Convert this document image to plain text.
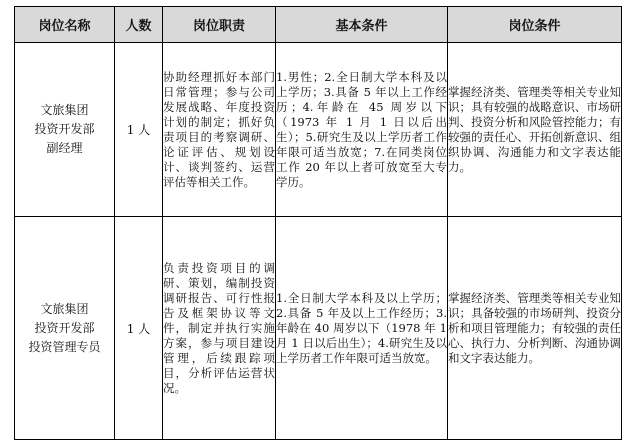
岗位名称	人数	岗位职责	基本条件	岗位条件

文旅集团
投资开发部
副经理	1 人	协助经理抓好本部门日常管理；参与公司发展战略、年度投资计划的制定；抓好负责项目的考察调研、论证评估、规划设计、谈判签约、运营评估等相关工作。	1.男性；2.全日制大学本科及以上学历；3.具备 5 年以上工作经历；4.年龄在 45 周岁以下（1973 年 1 月 1 日以后出生）；5.研究生及以上学历者工作年限可适当放宽；7.在同类岗位工作 20 年以上者可放宽至大专学历。	掌握经济类、管理类等相关专业知识；具有较强的战略意识、市场研判、投资分析和风险管控能力；有较强的责任心、开拓创新意识、组织协调、沟通能力和文字表达能力。

文旅集团
投资开发部
投资管理专员	1 人	负责投资项目的调研、策划，编制投资调研报告、可行性报告及框架协议等文件，制定并执行实施方案，参与项目建设管理，后续跟踪项目，分析评估运营状况。	1.全日制大学本科及以上学历；2.具备 5 年及以上工作经历；3.年龄在 40 周岁以下（1978 年 1 月 1 日以后出生）；4.研究生及以上学历者工作年限可适当放宽。	掌握经济类、管理类等相关专业知识；具备较强的市场研判、投资分析和项目管理能力；有较强的责任心、执行力、分析判断、沟通协调和文字表达能力。
